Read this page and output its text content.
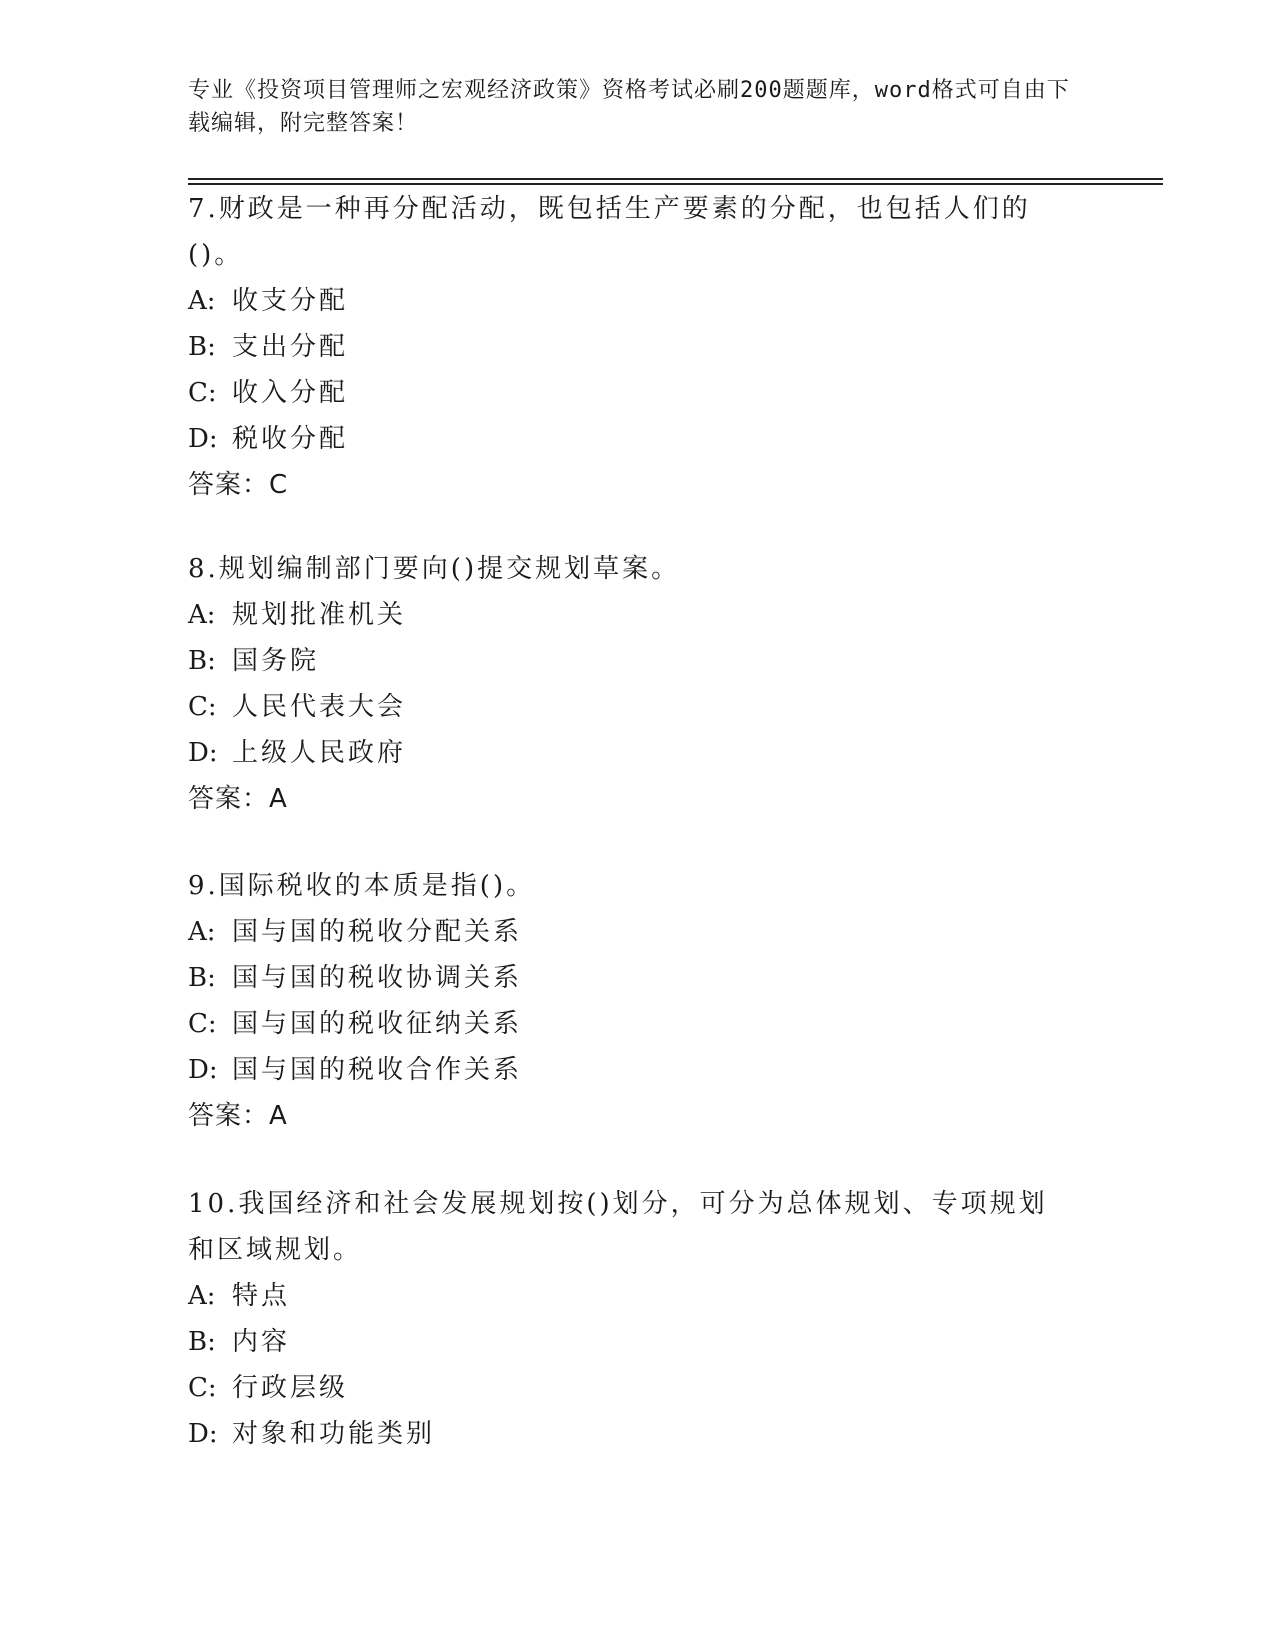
专业《投资项目管理师之宏观经济政策》资格考试必刷200题题库，word格式可自由下载编辑，附完整答案！

7.财政是一种再分配活动，既包括生产要素的分配，也包括人们的()。

A: 收支分配

B: 支出分配

C: 收入分配

D: 税收分配

答案：C

8.规划编制部门要向()提交规划草案。

A: 规划批准机关

B: 国务院

C: 人民代表大会

D: 上级人民政府

答案：A

9.国际税收的本质是指()。

A: 国与国的税收分配关系

B: 国与国的税收协调关系

C: 国与国的税收征纳关系

D: 国与国的税收合作关系

答案：A

10.我国经济和社会发展规划按()划分，可分为总体规划、专项规划和区域规划。

A: 特点

B: 内容

C: 行政层级

D: 对象和功能类别
